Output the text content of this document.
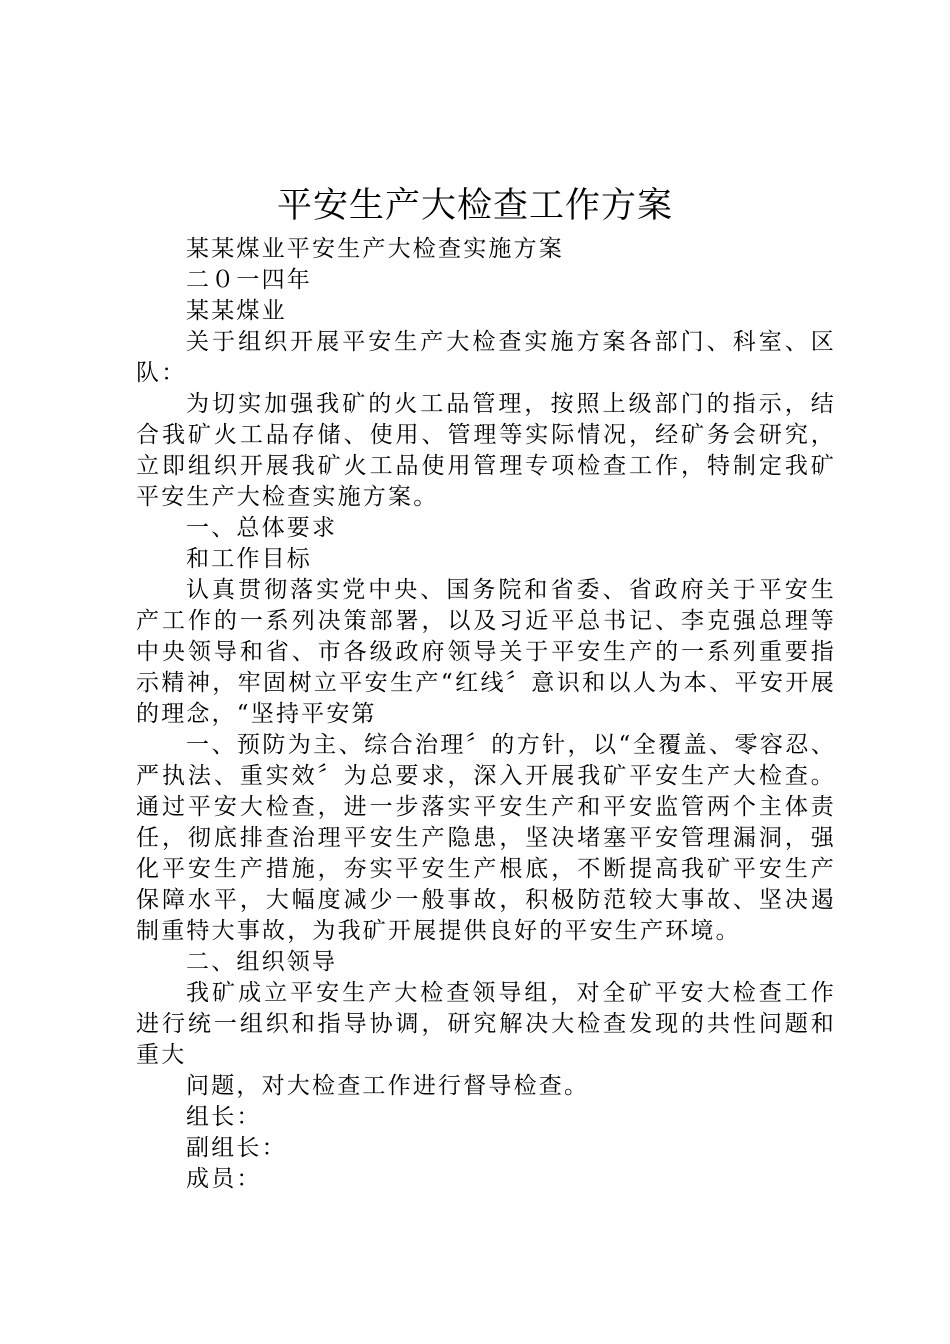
平安生产大检查工作方案

某某煤业平安生产大检查实施方案

二０一四年

某某煤业

关于组织开展平安生产大检查实施方案各部门、科室、区队：

为切实加强我矿的火工品管理，按照上级部门的指示，结合我矿火工品存储、使用、管理等实际情况，经矿务会研究，立即组织开展我矿火工品使用管理专项检查工作，特制定我矿平安生产大检查实施方案。

一、总体要求

和工作目标

认真贯彻落实党中央、国务院和省委、省政府关于平安生产工作的一系列决策部署，以及习近平总书记、李克强总理等中央领导和省、市各级政府领导关于平安生产的一系列重要指示精神，牢固树立平安生产“红线〞意识和以人为本、平安开展的理念，“坚持平安第

一、预防为主、综合治理〞的方针，以“全覆盖、零容忍、严执法、重实效〞为总要求，深入开展我矿平安生产大检查。通过平安大检查，进一步落实平安生产和平安监管两个主体责任，彻底排查治理平安生产隐患，坚决堵塞平安管理漏洞，强化平安生产措施，夯实平安生产根底，不断提高我矿平安生产保障水平，大幅度减少一般事故，积极防范较大事故、坚决遏制重特大事故，为我矿开展提供良好的平安生产环境。

二、组织领导

我矿成立平安生产大检查领导组，对全矿平安大检查工作进行统一组织和指导协调，研究解决大检查发现的共性问题和重大

问题，对大检查工作进行督导检查。

组长：

副组长：

成员：
